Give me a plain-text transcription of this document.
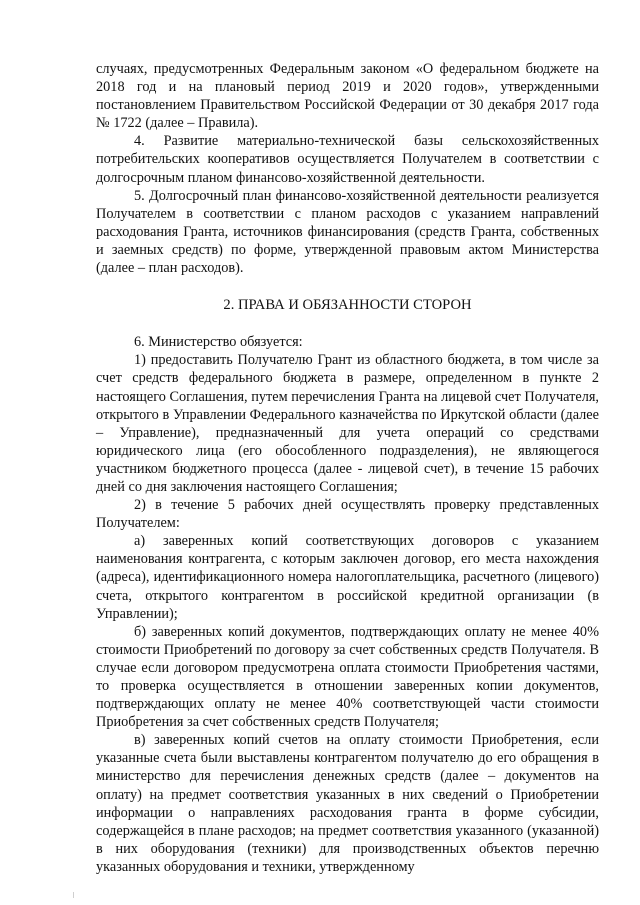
случаях, предусмотренных Федеральным законом «О федеральном бюджете на 2018 год и на плановый период 2019 и 2020 годов», утвержденными постановлением Правительством Российской Федерации от 30 декабря 2017 года № 1722 (далее – Правила).

4. Развитие материально-технической базы сельскохозяйственных потребительских кооперативов осуществляется Получателем в соответствии с долгосрочным планом финансово-хозяйственной деятельности.

5. Долгосрочный план финансово-хозяйственной деятельности реализуется Получателем в соответствии с планом расходов с указанием направлений расходования Гранта, источников финансирования (средств Гранта, собственных и заемных средств) по форме, утвержденной правовым актом Министерства (далее – план расходов).

2. ПРАВА И ОБЯЗАННОСТИ СТОРОН

6. Министерство обязуется:

1) предоставить Получателю Грант из областного бюджета, в том числе за счет средств федерального бюджета в размере, определенном в пункте 2 настоящего Соглашения, путем перечисления Гранта на лицевой счет Получателя, открытого в Управлении Федерального казначейства по Иркутской области (далее – Управление), предназначенный для учета операций со средствами юридического лица (его обособленного подразделения), не являющегося участником бюджетного процесса (далее - лицевой счет), в течение 15 рабочих дней со дня заключения настоящего Соглашения;

2) в течение 5 рабочих дней осуществлять проверку представленных Получателем:

а) заверенных копий соответствующих договоров с указанием наименования контрагента, с которым заключен договор, его места нахождения (адреса), идентификационного номера налогоплательщика, расчетного (лицевого) счета, открытого контрагентом в российской кредитной организации (в Управлении);

б) заверенных копий документов, подтверждающих оплату не менее 40% стоимости Приобретений по договору за счет собственных средств Получателя. В случае если договором предусмотрена оплата стоимости Приобретения частями, то проверка осуществляется в отношении заверенных копии документов, подтверждающих оплату не менее 40% соответствующей части стоимости Приобретения за счет собственных средств Получателя;

в) заверенных копий счетов на оплату стоимости Приобретения, если указанные счета были выставлены контрагентом получателю до его обращения в министерство для перечисления денежных средств (далее – документов на оплату) на предмет соответствия указанных в них сведений о Приобретении информации о направлениях расходования гранта в форме субсидии, содержащейся в плане расходов; на предмет соответствия указанного (указанной) в них оборудования (техники) для производственных объектов перечню указанных оборудования и техники, утвержденному
